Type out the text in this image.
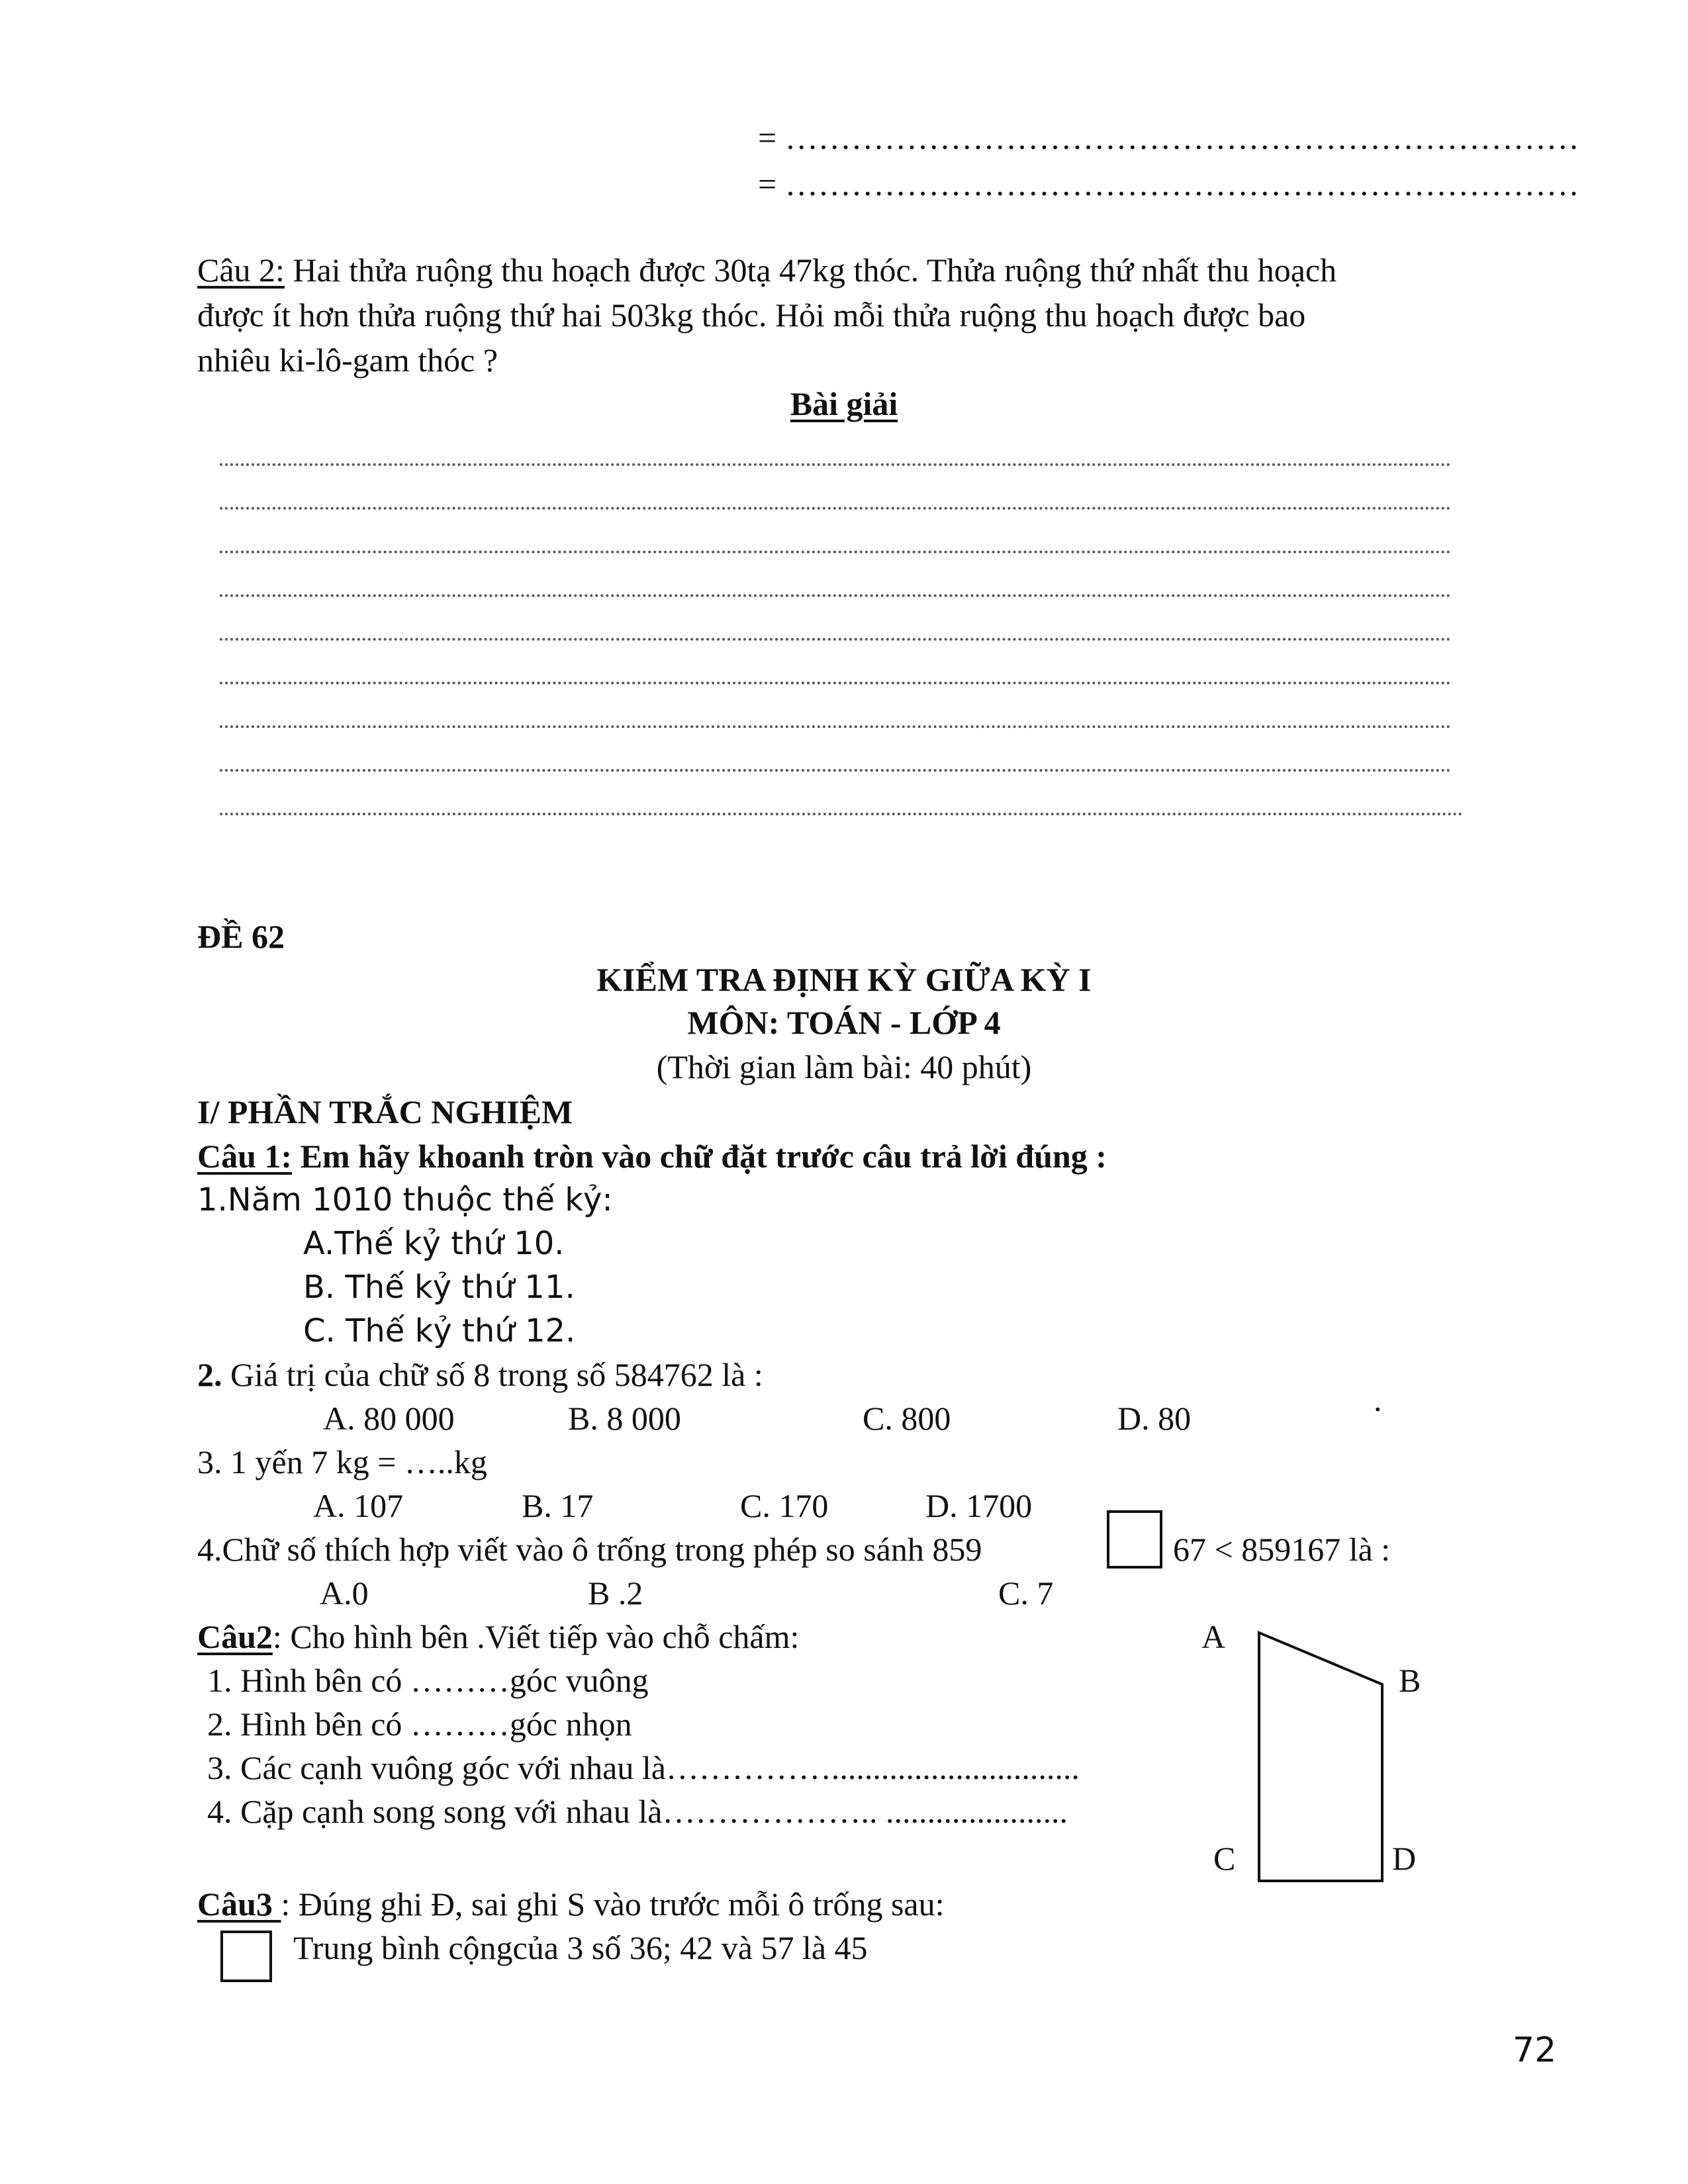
= ………………………………………………………………
= ………………………………………………………………
Câu 2: Hai thửa ruộng thu hoạch được 30tạ 47kg thóc. Thửa ruộng thứ nhất thu hoạch
được ít hơn thửa ruộng thứ hai 503kg thóc. Hỏi mỗi thửa ruộng thu hoạch được bao
nhiêu ki-lô-gam thóc ?
Bài giải
ĐỀ 62
KIỂM TRA ĐỊNH KỲ GIỮA KỲ I
MÔN: TOÁN - LỚP 4
(Thời gian làm bài: 40 phút)
I/ PHẦN TRẮC NGHIỆM
Câu 1: Em hãy khoanh tròn vào chữ đặt trước câu trả lời đúng :
1.Năm 1010 thuộc thế kỷ:
A.Thế kỷ thứ 10.
B. Thế kỷ thứ 11.
C. Thế kỷ thứ 12.
2. Giá trị của chữ số 8 trong số 584762 là :
A. 80 000	B. 8 000	C. 800	D. 80	.
3. 1 yến 7 kg = …..kg
A. 107	B. 17	C. 170	D. 1700
4.Chữ số thích hợp viết vào ô trống trong phép so sánh 859	67 < 859167 là :
A.0	B .2	C. 7
Câu2: Cho hình bên .Viết tiếp vào chỗ chấm:
1. Hình bên có ………góc vuông
2. Hình bên có ………góc nhọn
3. Các cạnh vuông góc với nhau là……………..............................
4. Cặp cạnh song song với nhau là……………….. ......................
A
B
C	D
Câu3 : Đúng ghi Đ, sai ghi S vào trước mỗi ô trống sau:
Trung bình cộngcủa 3 số 36; 42 và 57 là 45
72
